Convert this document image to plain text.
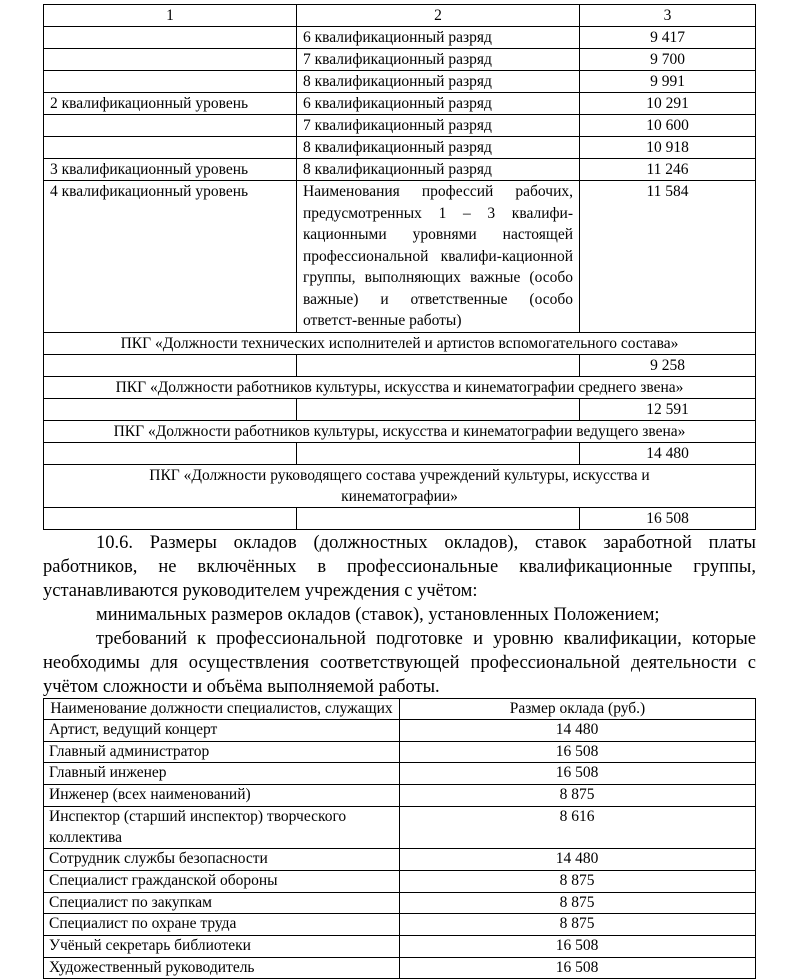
1	2	3
	6 квалификационный разряд	9 417
	7 квалификационный разряд	9 700
	8 квалификационный разряд	9 991
2 квалификационный уровень	6 квалификационный разряд	10 291
	7 квалификационный разряд	10 600
	8 квалификационный разряд	10 918
3 квалификационный уровень	8 квалификационный разряд	11 246
4 квалификационный уровень	Наименования профессий рабочих, предусмотренных 1 – 3 квалифи-кационными уровнями настоящей профессиональной квалифи-кационной группы, выполняющих важные (особо важные) и ответственные (особо ответст-венные работы)	11 584
ПКГ «Должности технических исполнителей и артистов вспомогательного состава»		
		9 258
ПКГ «Должности работников культуры, искусства и кинематографии среднего звена»		
		12 591
ПКГ «Должности работников культуры, искусства и кинематографии ведущего звена»		
		14 480
ПКГ «Должности руководящего состава учреждений культуры, искусства и кинематографии»		
		16 508

10.6. Размеры окладов (должностных окладов), ставок заработной платы работников, не включённых в профессиональные квалификационные группы, устанавливаются руководителем учреждения с учётом:

минимальных размеров окладов (ставок), установленных Положением;

требований к профессиональной подготовке и уровню квалификации, которые необходимы для осуществления соответствующей профессиональной деятельности с учётом сложности и объёма выполняемой работы.

Наименование должности специалистов, служащих	Размер оклада (руб.)
Артист, ведущий концерт	14 480
Главный администратор	16 508
Главный инженер	16 508
Инженер (всех наименований)	8 875
Инспектор (старший инспектор) творческого коллектива	8 616
Сотрудник службы безопасности	14 480
Специалист гражданской обороны	8 875
Специалист по закупкам	8 875
Специалист по охране труда	8 875
Учёный секретарь библиотеки	16 508
Художественный руководитель	16 508
